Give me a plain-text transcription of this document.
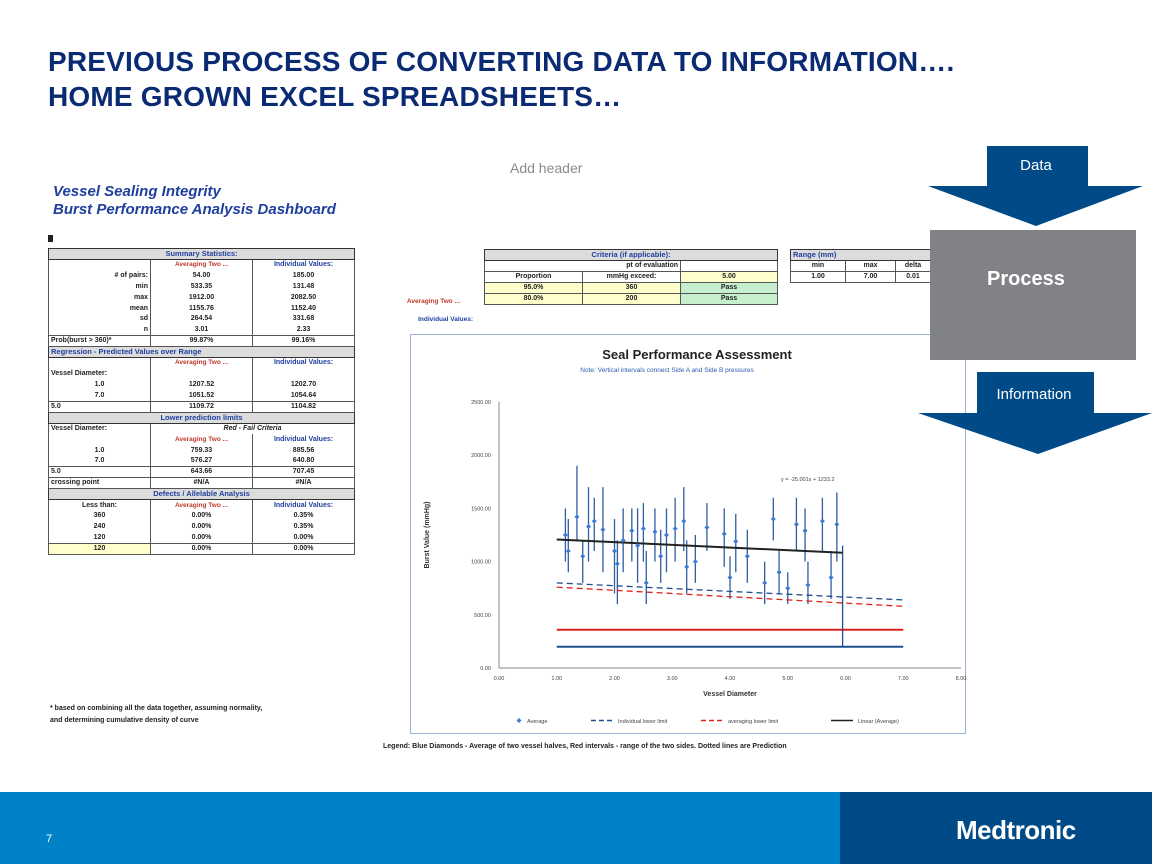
PREVIOUS PROCESS OF CONVERTING DATA TO INFORMATION….
HOME GROWN EXCEL SPREADSHEETS…
Vessel Sealing Integrity
Burst Performance Analysis Dashboard
Add header
Summary Statistics:		
	Averaging Two ...	Individual Values:
# of pairs:	54.00	185.00
min	533.35	131.48
max	1912.00	2082.50
mean	1155.76	1152.40
sd	264.54	331.68
n	3.01	2.33
Prob(burst > 360)*	99.87%	99.16%
Regression - Predicted Values over Range		
	Averaging Two ...	Individual Values:
Vessel Diameter:		
1.0	1207.52	1202.70
7.0	1051.52	1054.64
5.0	1109.72	1104.82
Lower prediction limits		
Vessel Diameter:	Red - Fail Criteria	
	Averaging Two ...	Individual Values:
1.0	759.33	885.56
7.0	576.27	640.80
5.0	643.66	707.45
crossing point	#N/A	#N/A
Defects / Allelable Analysis		
Less than:	Averaging Two ...	Individual Values:
360	0.00%	0.35%
240	0.00%	0.35%
120	0.00%	0.00%
120	0.00%	0.00%
* based on combining all the data together, assuming normality,
and determining cumulative density of curve
Averaging Two ...
Individual Values:
Criteria (if applicable):		
pt of evaluation		
Proportion	mmHg exceed:	5.00
95.0%	360	Pass
80.0%	200	Pass
Range (mm)		
min	max	delta
1.00	7.00	0.01
Seal Performance Assessment
Note: Vertical intervals connect Side A and Side B pressures
0.00	1.00	2.00	3.00	4.00	5.00	6.00	7.00	8.00
0.00
500.00
1000.00
1500.00
2000.00
2500.00
Vessel Diameter
Burst Value (mmHg)
y = -25.001x + 1233.2
Average	Individual lower limit	averaging lower limit	Linear (Average)
Legend: Blue Diamonds - Average of two vessel halves, Red intervals - range of the two sides. Dotted lines are Prediction
Data
Process
Information
7	Medtronic
